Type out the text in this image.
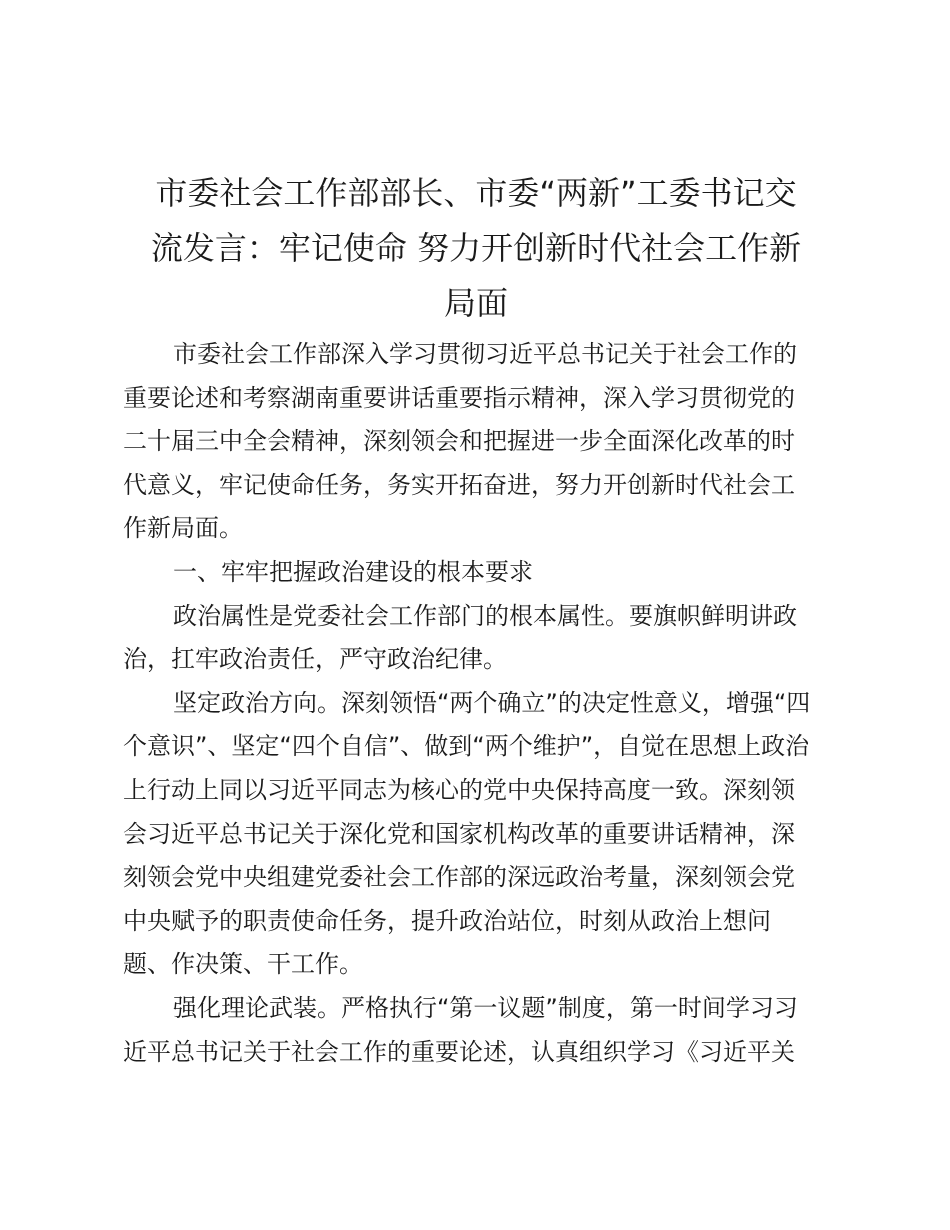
市委社会工作部部长、市委“两新”工委书记交
流发言：牢记使命 努力开创新时代社会工作新
局面
市委社会工作部深入学习贯彻习近平总书记关于社会工作的
重要论述和考察湖南重要讲话重要指示精神，深入学习贯彻党的
二十届三中全会精神，深刻领会和把握进一步全面深化改革的时
代意义，牢记使命任务，务实开拓奋进，努力开创新时代社会工
作新局面。
一、牢牢把握政治建设的根本要求
政治属性是党委社会工作部门的根本属性。要旗帜鲜明讲政
治，扛牢政治责任，严守政治纪律。
坚定政治方向。深刻领悟“两个确立”的决定性意义，增强“四
个意识”、坚定“四个自信”、做到“两个维护”，自觉在思想上政治
上行动上同以习近平同志为核心的党中央保持高度一致。深刻领
会习近平总书记关于深化党和国家机构改革的重要讲话精神，深
刻领会党中央组建党委社会工作部的深远政治考量，深刻领会党
中央赋予的职责使命任务，提升政治站位，时刻从政治上想问
题、作决策、干工作。
强化理论武装。严格执行“第一议题”制度，第一时间学习习
近平总书记关于社会工作的重要论述，认真组织学习《习近平关
